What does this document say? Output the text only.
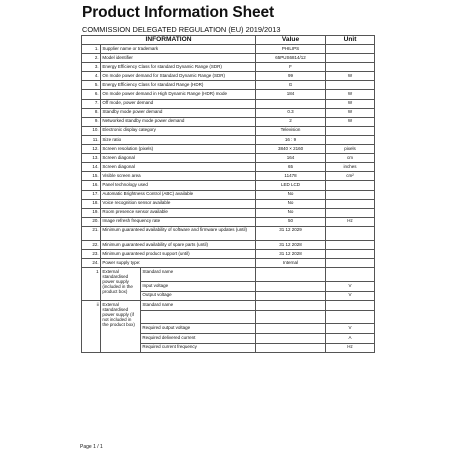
Product Information Sheet
COMMISSION DELEGATED REGULATION (EU) 2019/2013
INFORMATION			Value	Unit
1.	Supplier name or trademark		PHILIPS	
2.	Model identifier		65PUS6814/12	
3.	Energy Efficiency Class for standard Dynamic Range (SDR)		F	
4.	On mode power demand for Standard Dynamic Range (SDR)		99	W
5.	Energy Efficiency Class for standard Range (HDR)		G	
6.	On mode power demand in High Dynamic Range (HDR) mode		184	W
7.	Off mode, power demand			W
8.	Standby mode power demand		0.3	W
9.	Networked standby mode power demand		2	W
10.	Electronic display category		Television	
11.	Size ratio		16 : 9	
12.	Screen resolution (pixels)		3840 × 2160	pixels
13.	Screen diagonal		164	cm
14.	Screen diagonal		65	inches
15.	Visible screen area		11478	cm²
16.	Panel technology used		LED LCD	
17.	Automatic Brightness Control (ABC) available		No	
18.	Voice recognition sensor available		No	
19.	Room presence sensor available		No	
20.	Image refresh frequency rate		50	Hz
21.	Minimum guaranteed availability of software and firmware updates (until)		31 12 2029	
22.	Minimum guaranteed availability of spare parts (until)		31 12 2028	
23.	Minimum guaranteed product support (until)		31 12 2028	
24.	Power supply type:		Internal	
1	External standardised power supply (included in the product box)	Standard name		
		Input voltage		V
		Output voltage		V
ii	External standardised power supply (if not included in the product box)	Standard name		

		Required output voltage		V
		Required delivered current		A
		Required current frequency		Hz
Page 1 / 1
